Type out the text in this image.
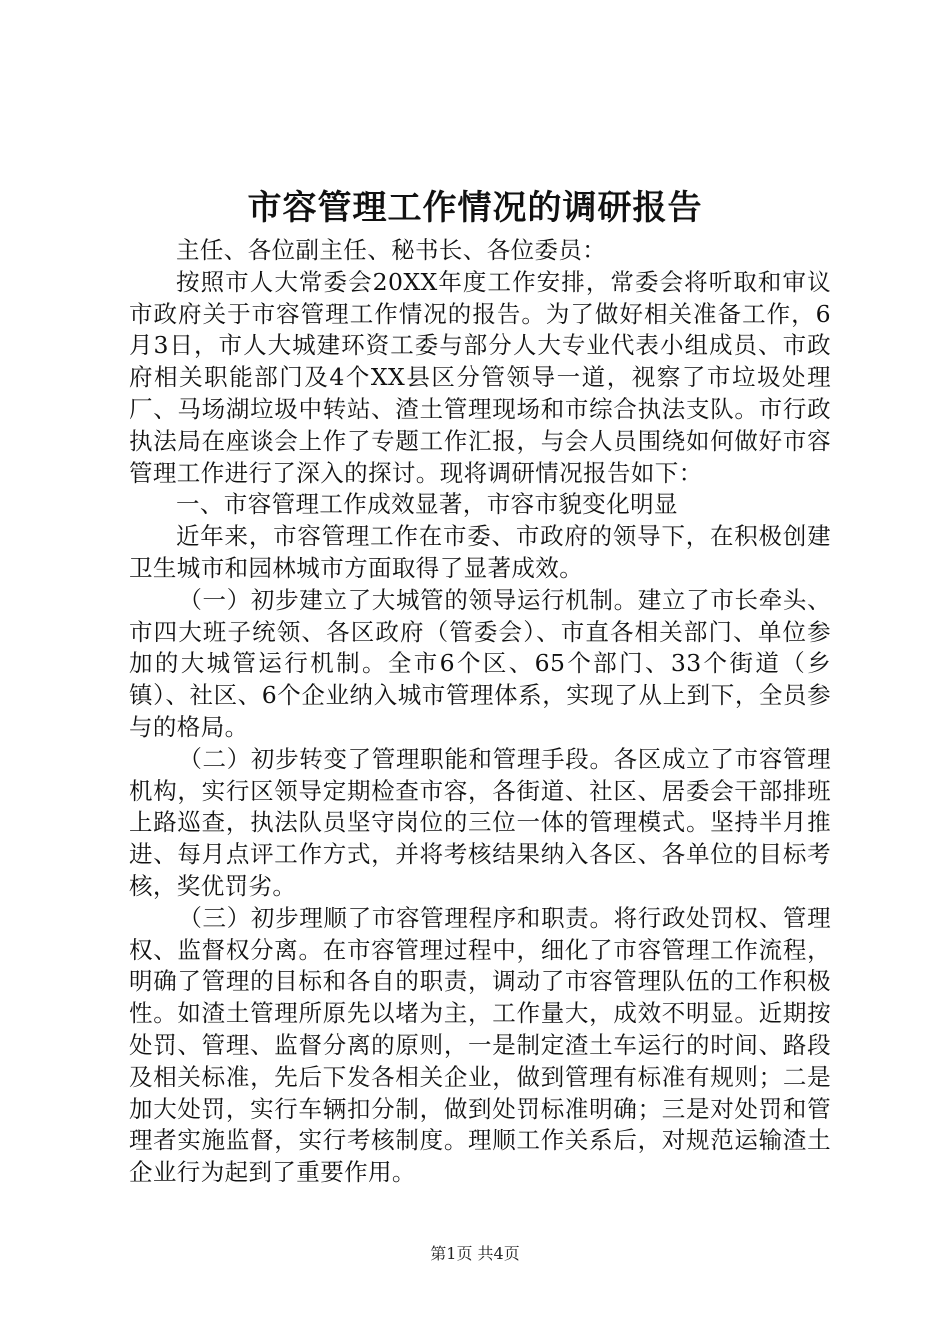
市容管理工作情况的调研报告

主任、各位副主任、秘书长、各位委员：

按照市人大常委会20XX年度工作安排，常委会将听取和审议市政府关于市容管理工作情况的报告。为了做好相关准备工作，6月3日，市人大城建环资工委与部分人大专业代表小组成员、市政府相关职能部门及4个XX县区分管领导一道，视察了市垃圾处理厂、马场湖垃圾中转站、渣土管理现场和市综合执法支队。市行政执法局在座谈会上作了专题工作汇报，与会人员围绕如何做好市容管理工作进行了深入的探讨。现将调研情况报告如下：

一、市容管理工作成效显著，市容市貌变化明显

近年来，市容管理工作在市委、市政府的领导下，在积极创建卫生城市和园林城市方面取得了显著成效。

（一）初步建立了大城管的领导运行机制。建立了市长牵头、市四大班子统领、各区政府（管委会）、市直各相关部门、单位参加的大城管运行机制。全市6个区、65个部门、33个街道（乡镇）、社区、6个企业纳入城市管理体系，实现了从上到下，全员参与的格局。

（二）初步转变了管理职能和管理手段。各区成立了市容管理机构，实行区领导定期检查市容，各街道、社区、居委会干部排班上路巡查，执法队员坚守岗位的三位一体的管理模式。坚持半月推进、每月点评工作方式，并将考核结果纳入各区、各单位的目标考核，奖优罚劣。

（三）初步理顺了市容管理程序和职责。将行政处罚权、管理权、监督权分离。在市容管理过程中，细化了市容管理工作流程，明确了管理的目标和各自的职责，调动了市容管理队伍的工作积极性。如渣土管理所原先以堵为主，工作量大，成效不明显。近期按处罚、管理、监督分离的原则，一是制定渣土车运行的时间、路段及相关标准，先后下发各相关企业，做到管理有标准有规则；二是加大处罚，实行车辆扣分制，做到处罚标准明确；三是对处罚和管理者实施监督，实行考核制度。理顺工作关系后，对规范运输渣土企业行为起到了重要作用。

第1页 共4页
